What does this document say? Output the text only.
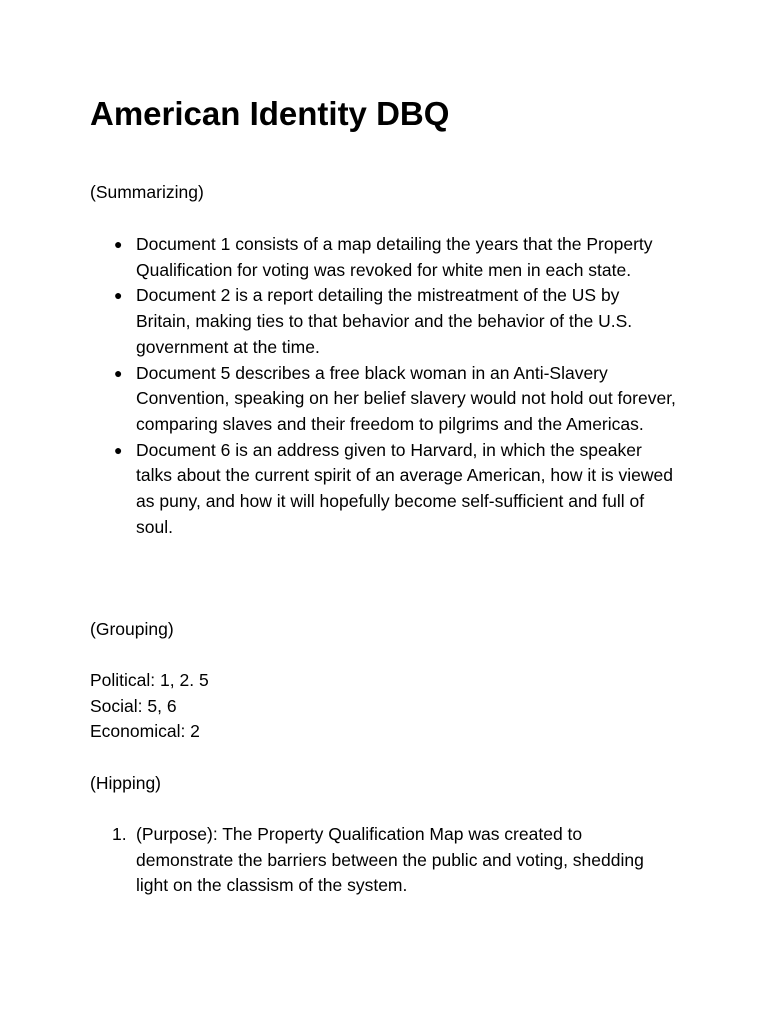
American Identity DBQ

(Summarizing)

● Document 1 consists of a map detailing the years that the Property Qualification for voting was revoked for white men in each state.
● Document 2 is a report detailing the mistreatment of the US by Britain, making ties to that behavior and the behavior of the U.S. government at the time.
● Document 5 describes a free black woman in an Anti-Slavery Convention, speaking on her belief slavery would not hold out forever, comparing slaves and their freedom to pilgrims and the Americas.
● Document 6 is an address given to Harvard, in which the speaker talks about the current spirit of an average American, how it is viewed as puny, and how it will hopefully become self-sufficient and full of soul.

(Grouping)

Political: 1, 2. 5

Social: 5, 6

Economical: 2

(Hipping)

1. (Purpose): The Property Qualification Map was created to demonstrate the barriers between the public and voting, shedding light on the classism of the system.
